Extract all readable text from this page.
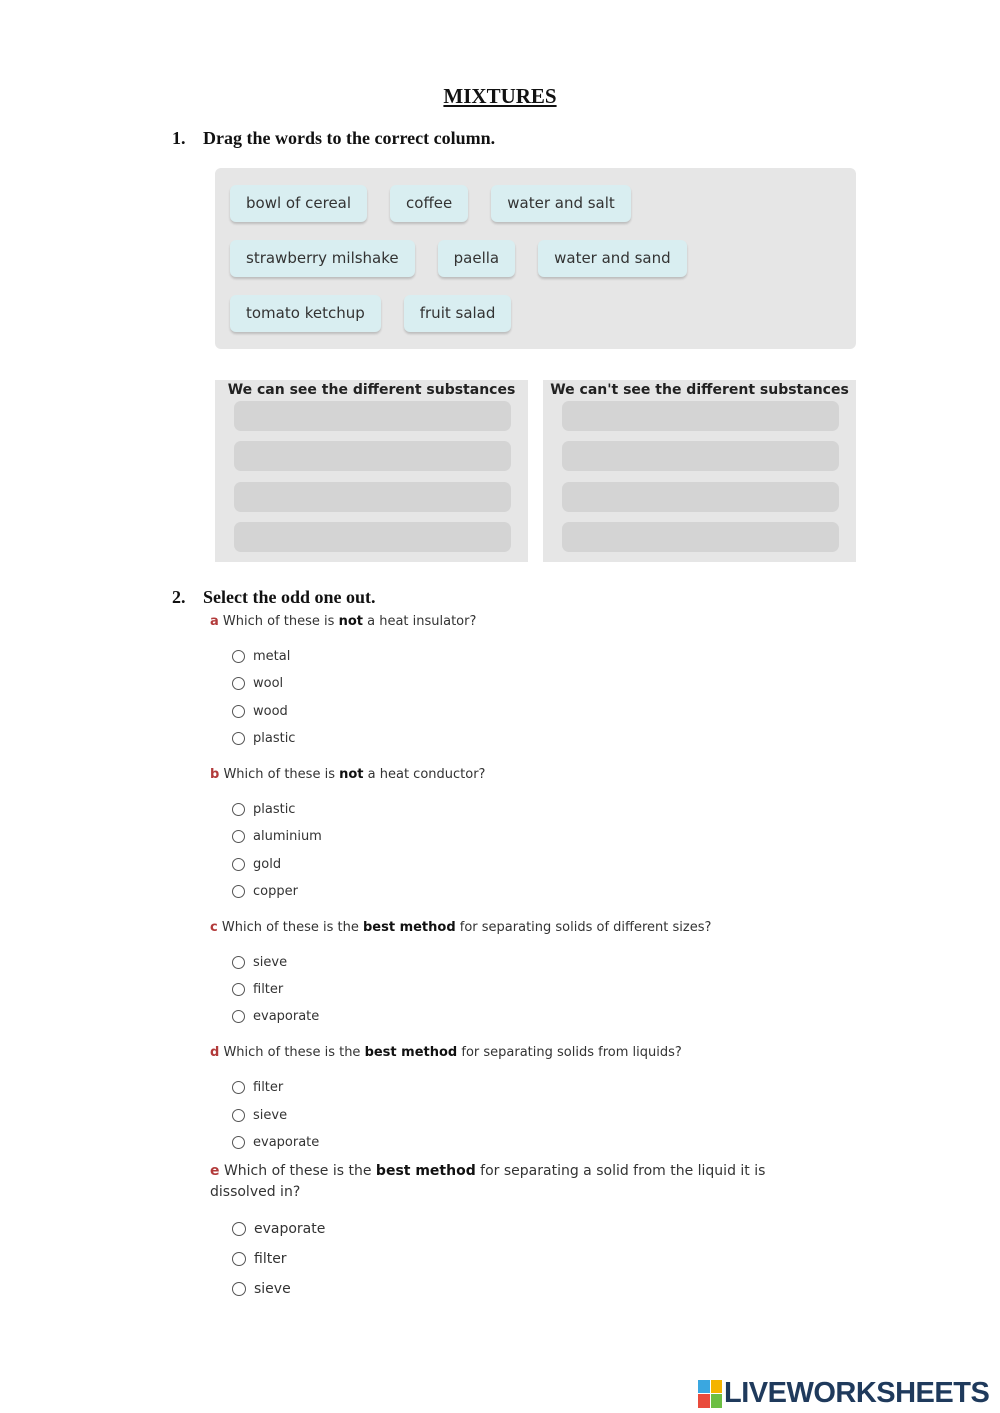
MIXTURES
1. Drag the words to the correct column.
bowl of cereal	coffee	water and salt
strawberry milshake	paella	water and sand
tomato ketchup	fruit salad
We can see the different substances	We can't see the different substances
2. Select the odd one out.
a Which of these is not a heat insulator?
metal
wool
wood
plastic
b Which of these is not a heat conductor?
plastic
aluminium
gold
copper
c Which of these is the best method for separating solids of different sizes?
sieve
filter
evaporate
d Which of these is the best method for separating solids from liquids?
filter
sieve
evaporate
e Which of these is the best method for separating a solid from the liquid it is
dissolved in?
evaporate
filter
sieve
LIVEWORKSHEETS
